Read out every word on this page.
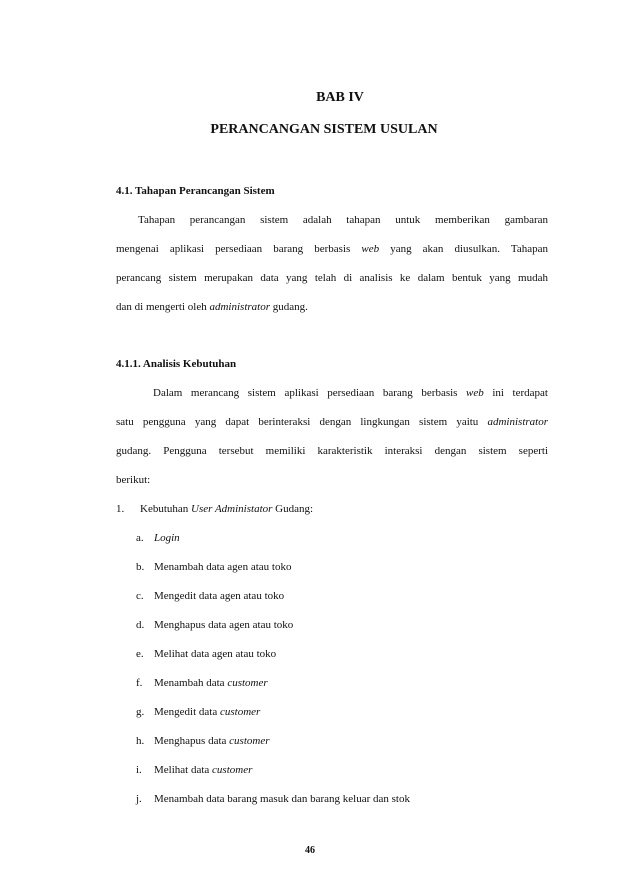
BAB IV
PERANCANGAN SISTEM USULAN
4.1. Tahapan Perancangan Sistem
Tahapan perancangan sistem adalah tahapan untuk memberikan gambaran
mengenai aplikasi persediaan barang berbasis web yang akan diusulkan. Tahapan
perancang sistem merupakan data yang telah di analisis ke dalam bentuk yang mudah
dan di mengerti oleh administrator gudang.
4.1.1. Analisis Kebutuhan
Dalam merancang sistem aplikasi persediaan barang berbasis web ini terdapat
satu pengguna yang dapat berinteraksi dengan lingkungan sistem yaitu administrator
gudang. Pengguna tersebut memiliki karakteristik interaksi dengan sistem seperti
berikut:
1. Kebutuhan User Administator Gudang:
a. Login
b. Menambah data agen atau toko
c. Mengedit data agen atau toko
d. Menghapus data agen atau toko
e. Melihat data agen atau toko
f. Menambah data customer
g. Mengedit data customer
h. Menghapus data customer
i. Melihat data customer
j. Menambah data barang masuk dan barang keluar dan stok
46
